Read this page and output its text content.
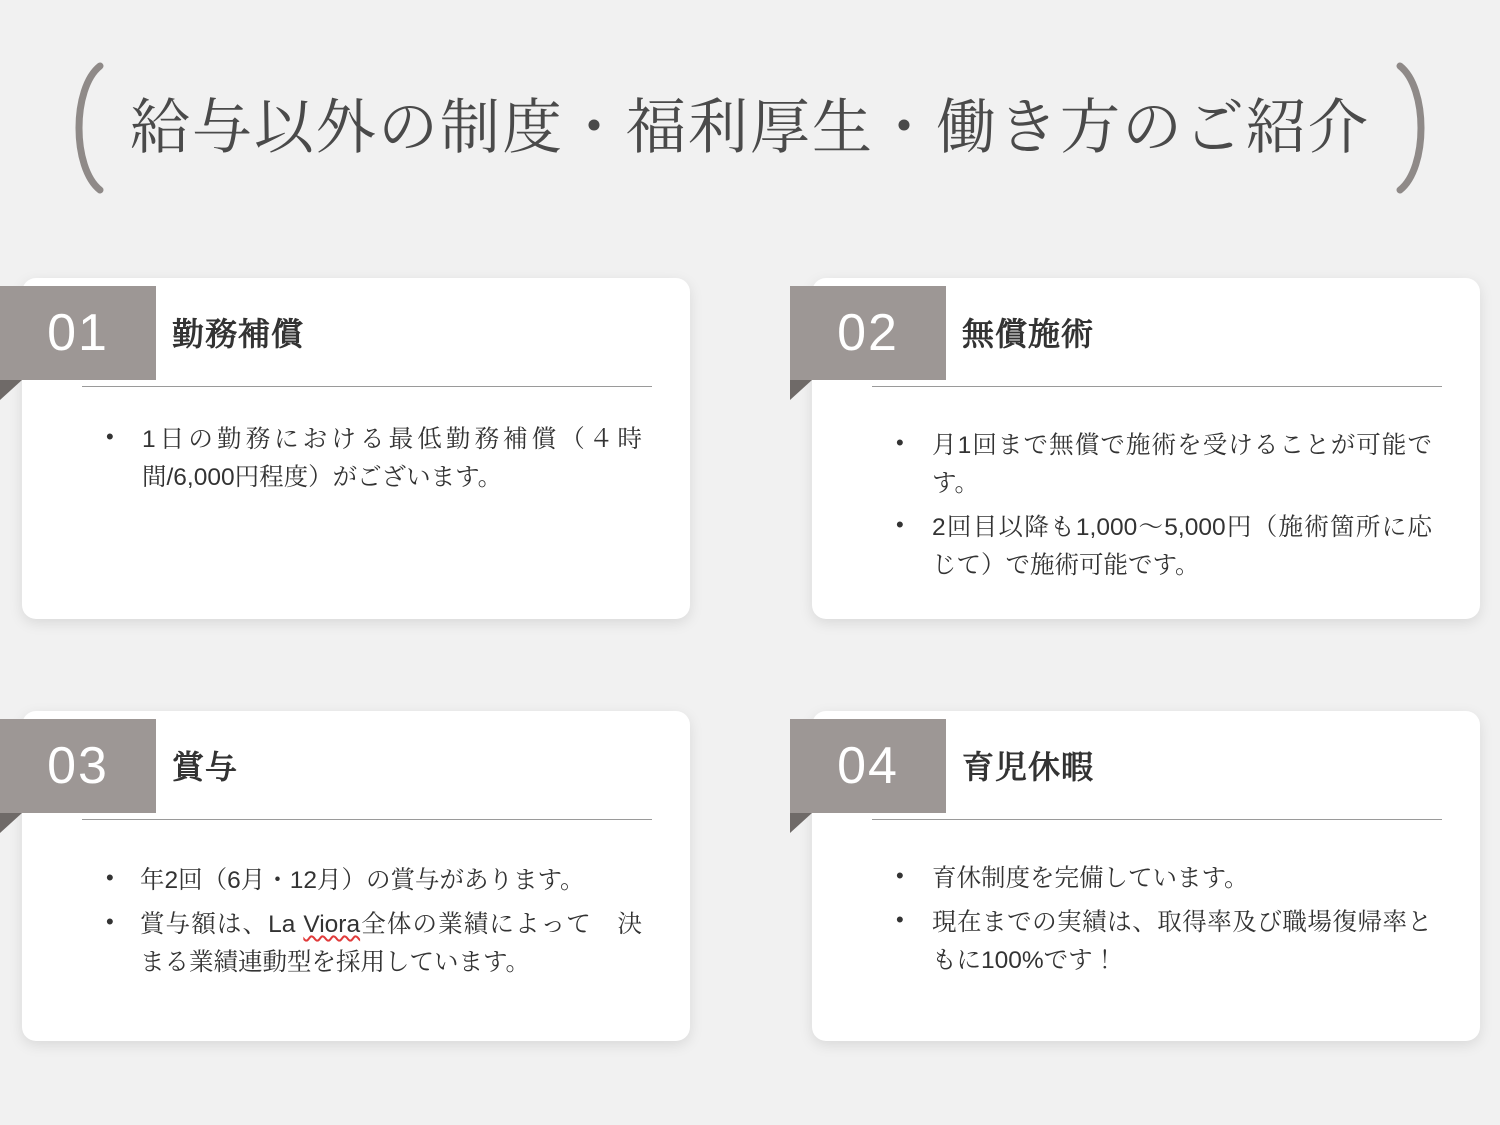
給与以外の制度・福利厚生・働き方のご紹介
01	勤務補償
• 1日の勤務における最低勤務補償（４時間/6,000円程度）がございます。
02	無償施術
• 月1回まで無償で施術を受けることが可能です。
• 2回目以降も1,000〜5,000円（施術箇所に応じて）で施術可能です。
03	賞与
• 年2回（6月・12月）の賞与があります。
• 賞与額は、La Viora全体の業績によって　決まる業績連動型を採用しています。
04	育児休暇
• 育休制度を完備しています。
• 現在までの実績は、取得率及び職場復帰率ともに100%です！
